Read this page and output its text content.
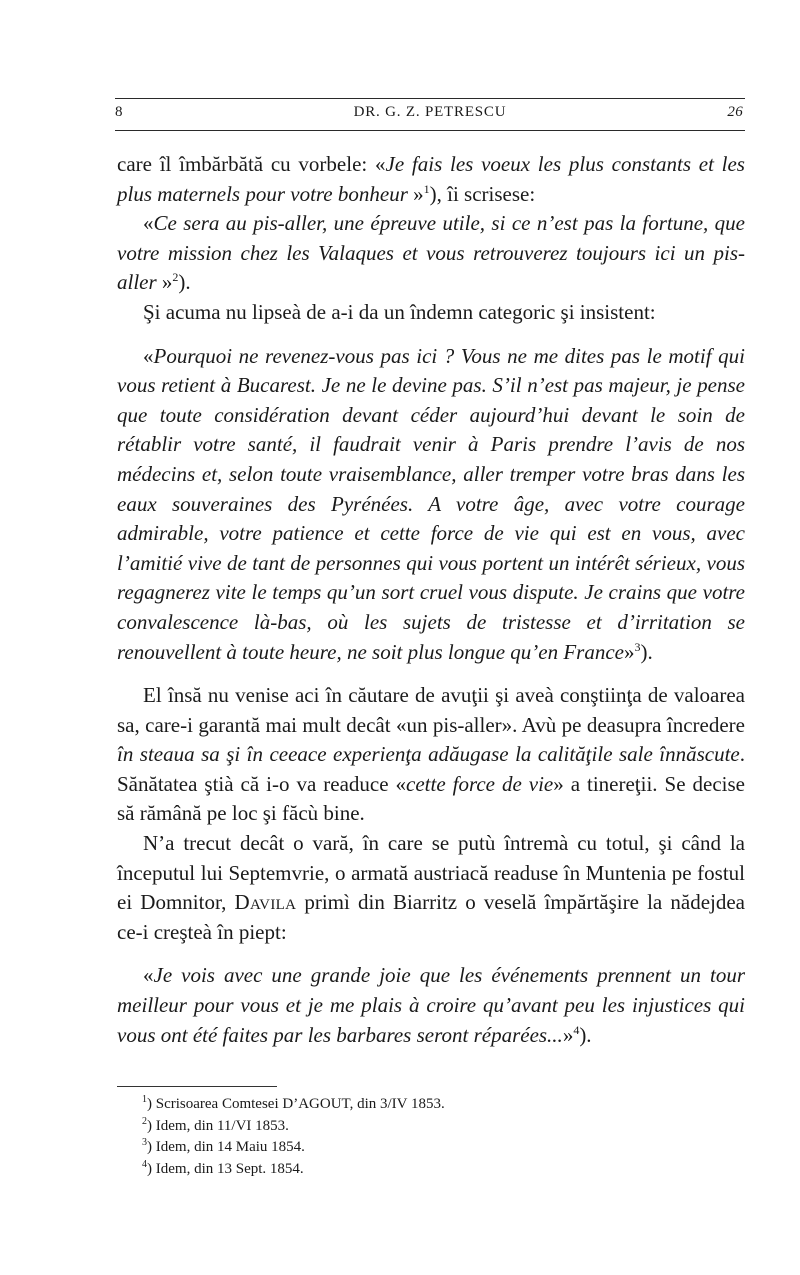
8	DR. G. Z. PETRESCU	26

care îl îmbărbătă cu vorbele: «Je fais les voeux les plus constants et les plus maternels pour votre bonheur »$^1$), îi scrisese:

«Ce sera au pis-aller, une épreuve utile, si ce n’est pas la fortune, que votre mission chez les Valaques et vous retrouverez toujours ici un pis-aller »$^2$).

Şi acuma nu lipseà de a-i da un îndemn categoric şi insistent:

«Pourquoi ne revenez-vous pas ici ? Vous ne me dites pas le motif qui vous retient à Bucarest. Je ne le devine pas. S’il n’est pas majeur, je pense que toute considération devant céder aujourd’hui devant le soin de rétablir votre santé, il faudrait venir à Paris prendre l’avis de nos médecins et, selon toute vraisemblance, aller tremper votre bras dans les eaux souveraines des Pyrénées. A votre âge, avec votre courage admirable, votre patience et cette force de vie qui est en vous, avec l’amitié vive de tant de personnes qui vous portent un intérêt sérieux, vous regagnerez vite le temps qu’un sort cruel vous dispute. Je crains que votre convalescence là-bas, où les sujets de tristesse et d’irritation se renouvellent à toute heure, ne soit plus longue qu’en France»$^3$).

El însă nu venise aci în căutare de avuţii şi aveà conştiinţa de valoarea sa, care-i garantă mai mult decât «un pis-aller». Avù pe deasupra încredere în steaua sa şi în ceeace experienţa adăugase la calităţile sale înnăscute. Sănătatea ştià că i-o va readuce «cette force de vie» a tinereţii. Se decise să rămână pe loc şi făcù bine.

N’a trecut decât o vară, în care se putù întremà cu totul, şi când la începutul lui Septemvrie, o armată austriacă readuse în Muntenia pe fostul ei Domnitor, Davila primì din Biarritz o veselă împărtăşire la nădejdea ce-i creşteà în piept:

«Je vois avec une grande joie que les événements prennent un tour meilleur pour vous et je me plais à croire qu’avant peu les injustices qui vous ont été faites par les barbares seront réparées...»$^4$).

$^1$) Scrisoarea Comtesei D’AGOUT, din 3/IV 1853.
$^2$) Idem, din 11/VI 1853.
$^3$) Idem, din 14 Maiu 1854.
$^4$) Idem, din 13 Sept. 1854.
